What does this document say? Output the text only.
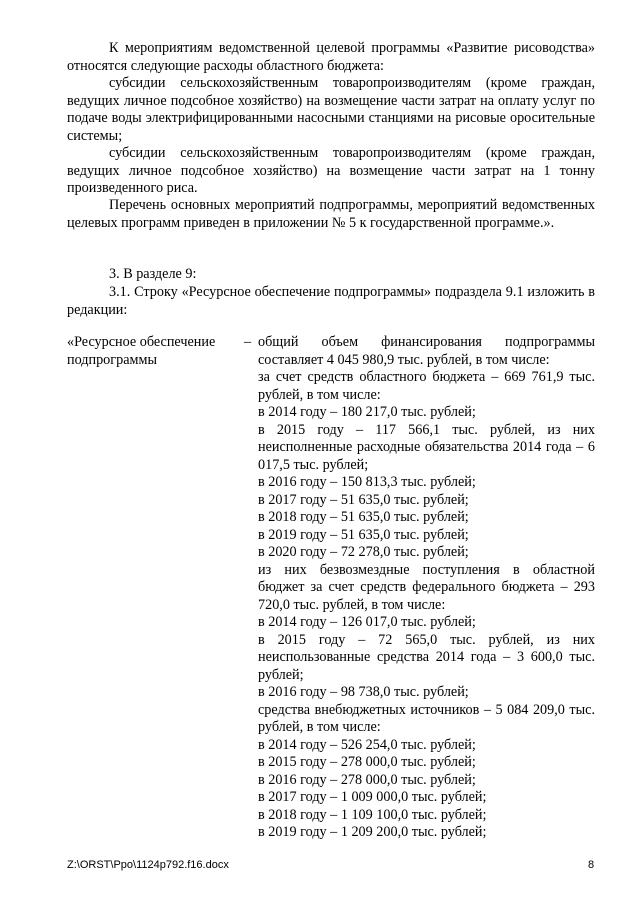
К мероприятиям ведомственной целевой программы «Развитие рисоводства» относятся следующие расходы областного бюджета:
субсидии сельскохозяйственным товаропроизводителям (кроме граждан, ведущих личное подсобное хозяйство) на возмещение части затрат на оплату услуг по подаче воды электрифицированными насосными станциями на рисовые оросительные системы;
субсидии сельскохозяйственным товаропроизводителям (кроме граждан, ведущих личное подсобное хозяйство) на возмещение части затрат на 1 тонну произведенного риса.
Перечень основных мероприятий подпрограммы, мероприятий ведомственных целевых программ приведен в приложении № 5 к государственной программе.».
3. В разделе 9:
3.1. Строку «Ресурсное обеспечение подпрограммы» подраздела 9.1 изложить в редакции:
«Ресурсное обеспечение подпрограммы
– общий объем финансирования подпрограммы составляет 4 045 980,9 тыс. рублей, в том числе:
за счет средств областного бюджета – 669 761,9 тыс. рублей, в том числе:
в 2014 году – 180 217,0 тыс. рублей;
в 2015 году – 117 566,1 тыс. рублей, из них неисполненные расходные обязательства 2014 года – 6 017,5 тыс. рублей;
в 2016 году – 150 813,3 тыс. рублей;
в 2017 году – 51 635,0 тыс. рублей;
в 2018 году – 51 635,0 тыс. рублей;
в 2019 году – 51 635,0 тыс. рублей;
в 2020 году – 72 278,0 тыс. рублей;
из них безвозмездные поступления в областной бюджет за счет средств федерального бюджета – 293 720,0 тыс. рублей, в том числе:
в 2014 году – 126 017,0 тыс. рублей;
в 2015 году – 72 565,0 тыс. рублей, из них неиспользованные средства 2014 года – 3 600,0 тыс. рублей;
в 2016 году – 98 738,0 тыс. рублей;
средства внебюджетных источников – 5 084 209,0 тыс. рублей, в том числе:
в 2014 году – 526 254,0 тыс. рублей;
в 2015 году – 278 000,0 тыс. рублей;
в 2016 году – 278 000,0 тыс. рублей;
в 2017 году – 1 009 000,0 тыс. рублей;
в 2018 году – 1 109 100,0 тыс. рублей;
в 2019 году – 1 209 200,0 тыс. рублей;
Z:\ORST\Ppo\1124p792.f16.docx	8
